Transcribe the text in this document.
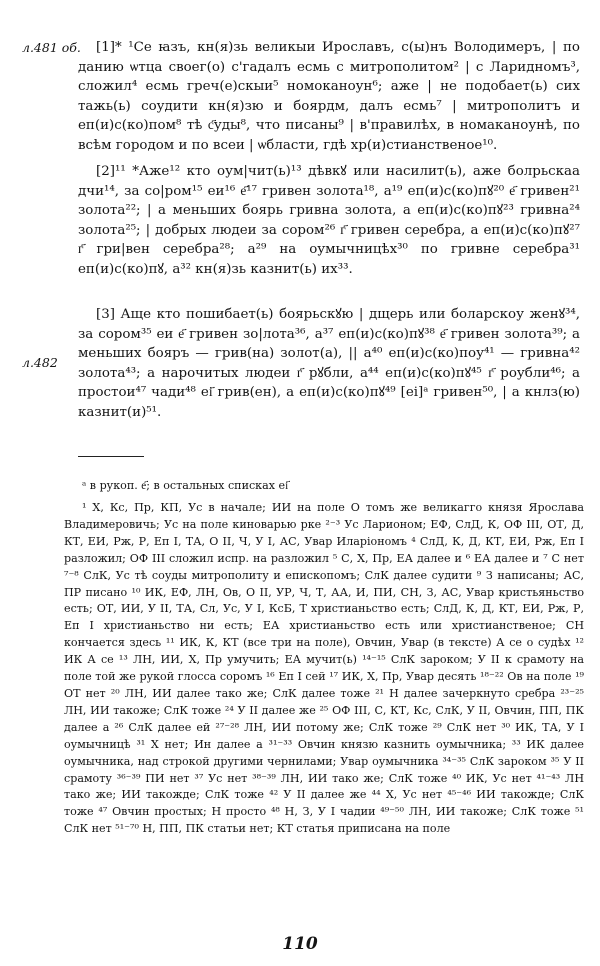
л.481 об.
л.482

[1]* ¹Се ꙗзъ, кн(я)зь великыи Ирославъ, с(ы)нъ Володимеръ, | по данию ѡтца своег(о) с'гадалъ есмь с митрополитом² | с Ларидномъ³, сложил⁴ есмь греч(е)скыи⁵ номоканоун⁶; аже | не подобает(ь) сих тажь(ь) соудити кн(я)зю и боярдм, далъ есмь⁷ | митрополитъ и еп(и)с(ко)пом⁸ тѣ с҃уды⁸, что писаны⁹ | в'правилѣх, в номаканоунѣ, по всѣм городом и по всеи | ѡбласти, гдѣ хр(и)стианственое¹⁰.

[2]¹¹ *Аже¹² кто оум|чит(ь)¹³ дѣвкꙋ или насилит(ь), аже болрьскаа дчи¹⁴, за со|ром¹⁵ еи¹⁶ е҃¹⁷ гривен золота¹⁸, а¹⁹ еп(и)с(ко)пꙋ²⁰ е҃ гривен²¹ золота²²; | а меньших боярь гривна золота, а еп(и)с(ко)пꙋ²³ гривна²⁴ золота²⁵; | добрых людеи за сором²⁶ г҃ гривен серебра, а еп(и)с(ко)пꙋ²⁷ г҃ гри|вен серебра²⁸; а²⁹ на оумычницѣх³⁰ по гривне серебра³¹ еп(и)с(ко)пꙋ, а³² кн(я)зь казнит(ь) их³³.

[3] Аще кто пошибает(ь) боярьскꙋю | дщерь или боларскоу женꙋ³⁴, за сором³⁵ еи е҃ гривен зо|лота³⁶, а³⁷ еп(и)с(ко)пꙋ³⁸ е҃ гривен золота³⁹; а меньших бояръ — грив(на) золот(а), || а⁴⁰ еп(и)с(ко)поу⁴¹ — гривна⁴² золота⁴³; а нарочитых людеи г҃ рꙋбли, а⁴⁴ еп(и)с(ко)пꙋ⁴⁵ г҃ роубли⁴⁶; а простои⁴⁷ чади⁴⁸ еі҃ грив(ен), а еп(и)с(ко)пꙋ⁴⁹ [еі]ᵃ гривен⁵⁰, | а кнлз(ю) казнит(и)⁵¹.

ᵃ в рукоп. е҃; в остальных списках еі҃

¹ Х, Кс, Пр, КП, Ус в начале; ИИ на поле О томъ же великагго князя Ярослава Владимеровичь; Ус на поле киноварью рке ²⁻³ Ус Ларионом; ЕФ, СлД, К, ОФ III, ОТ, Д, КТ, ЕИ, Рж, Р, Еп I, ТА, О II, Ч, У I, АС, Увар Иларіономъ ⁴ СлД, К, Д, КТ, ЕИ, Рж, Еп I разложил; ОФ III сложил испр. на разложил ⁵ С, Х, Пр, ЕА далее и ⁶ ЕА далее и ⁷ С нет ⁷⁻⁸ СлК, Ус тѣ соуды митрополиту и епископомъ; СлК далее судити ⁹ З написаны; АС, ПР писано ¹⁰ ИК, ЕФ, ЛН, Ов, О II, УР, Ч, Т, АА, И, ПИ, СН, З, АС, Увар кристьяньство есть; ОТ, ИИ, У II, ТА, Сл, Ус, У I, КсБ, Т христианьство есть; СлД, К, Д, КТ, ЕИ, Рж, Р, Еп I христианьство ни есть; ЕА христианьство есть или христианственое; СН кончается здесь ¹¹ ИК, К, КТ (все три на поле), Овчин, Увар (в тексте) А се о судѣх ¹² ИК А се ¹³ ЛН, ИИ, Х, Пр умучить; ЕА мучит(ь) ¹⁴⁻¹⁵ СлК зароком; У II к срамоту на поле той же рукой глосса соромъ ¹⁶ Еп I сей ¹⁷ ИК, Х, Пр, Увар десять ¹⁸⁻²² Ов на поле ¹⁹ ОТ нет ²⁰ ЛН, ИИ далее тако же; СлК далее тоже ²¹ Н далее зачеркнуто сребра ²³⁻²⁵ ЛН, ИИ такоже; СлК тоже ²⁴ У II далее же ²⁵ ОФ III, С, КТ, Кс, СлК, У II, Овчин, ПП, ПК далее а ²⁶ СлК далее ей ²⁷⁻²⁸ ЛН, ИИ потому же; СлК тоже ²⁹ СлК нет ³⁰ ИК, ТА, У I оумычницѣ ³¹ Х нет; Ин далее а ³¹⁻³³ Овчин князю казнить оумычника; ³³ ИК далее оумычника, над строкой другими чернилами; Увар оумычника ³⁴⁻³⁵ СлК зароком ³⁵ У II срамоту ³⁶⁻³⁹ ПИ нет ³⁷ Ус нет ³⁸⁻³⁹ ЛН, ИИ тако же; СлК тоже ⁴⁰ ИК, Ус нет ⁴¹⁻⁴³ ЛН тако же; ИИ такожде; СлК тоже ⁴² У II далее же ⁴⁴ Х, Ус нет ⁴⁵⁻⁴⁶ ИИ такожде; СлК тоже ⁴⁷ Овчин простых; Н просто ⁴⁸ Н, З, У I чадии ⁴⁹⁻⁵⁰ ЛН, ИИ такоже; СлК тоже ⁵¹ СлК нет ⁵¹⁻⁷⁰ Н, ПП, ПК статьи нет; КТ статья приписана на поле

110
